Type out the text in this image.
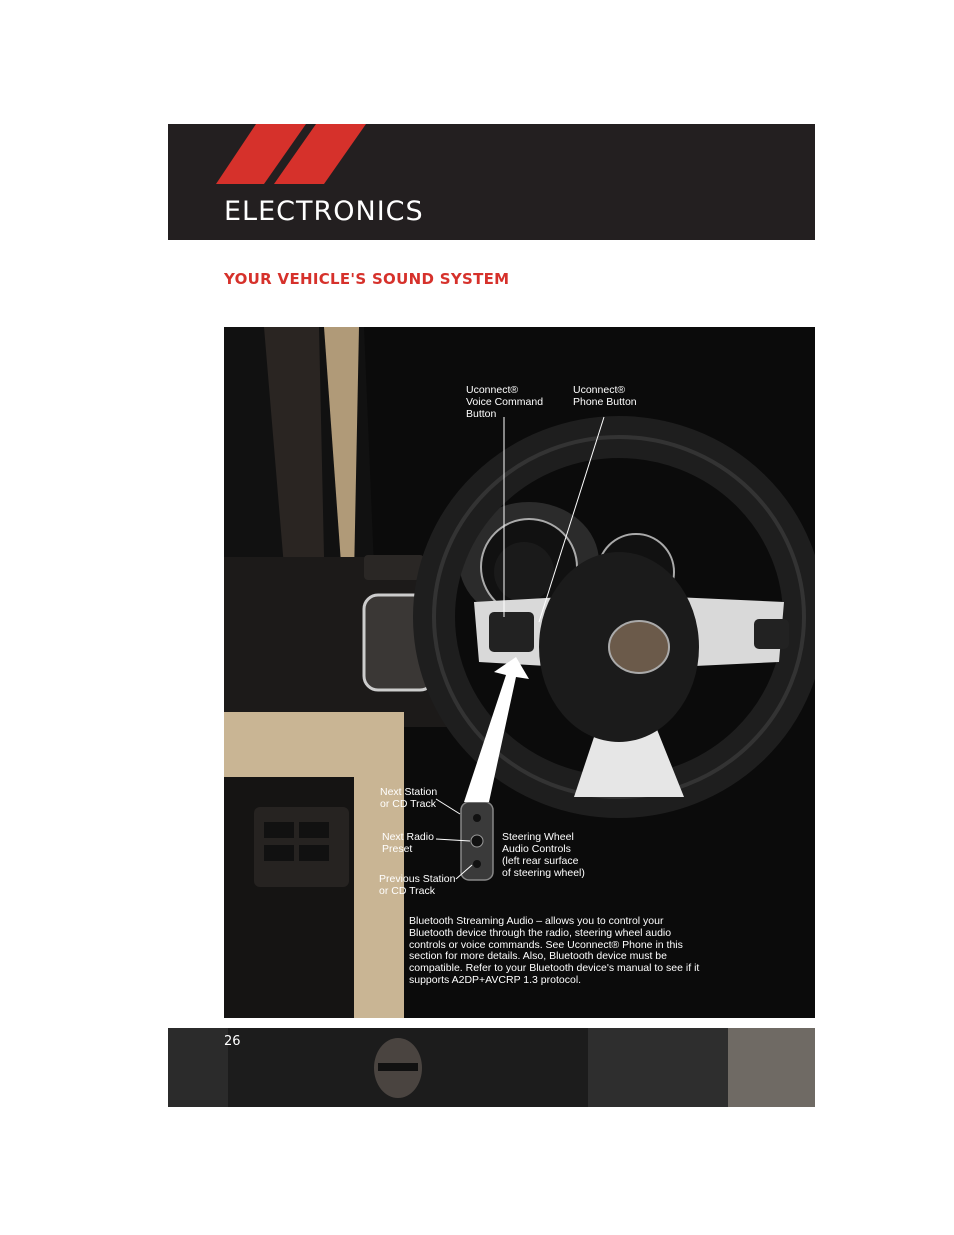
ELECTRONICS
YOUR VEHICLE'S SOUND SYSTEM
Uconnect®
Voice Command
Button
Uconnect®
Phone Button
Next Station
or CD Track
Next Radio
Preset
Steering Wheel
Audio Controls
(left rear surface
of steering wheel)
Previous Station
or CD Track
Bluetooth Streaming Audio – allows you to control your Bluetooth device through the radio, steering wheel audio controls or voice commands. See Uconnect® Phone in this section for more details. Also, Bluetooth device must be compatible. Refer to your Bluetooth device's manual to see if it supports A2DP+AVCRP 1.3 protocol.
26
